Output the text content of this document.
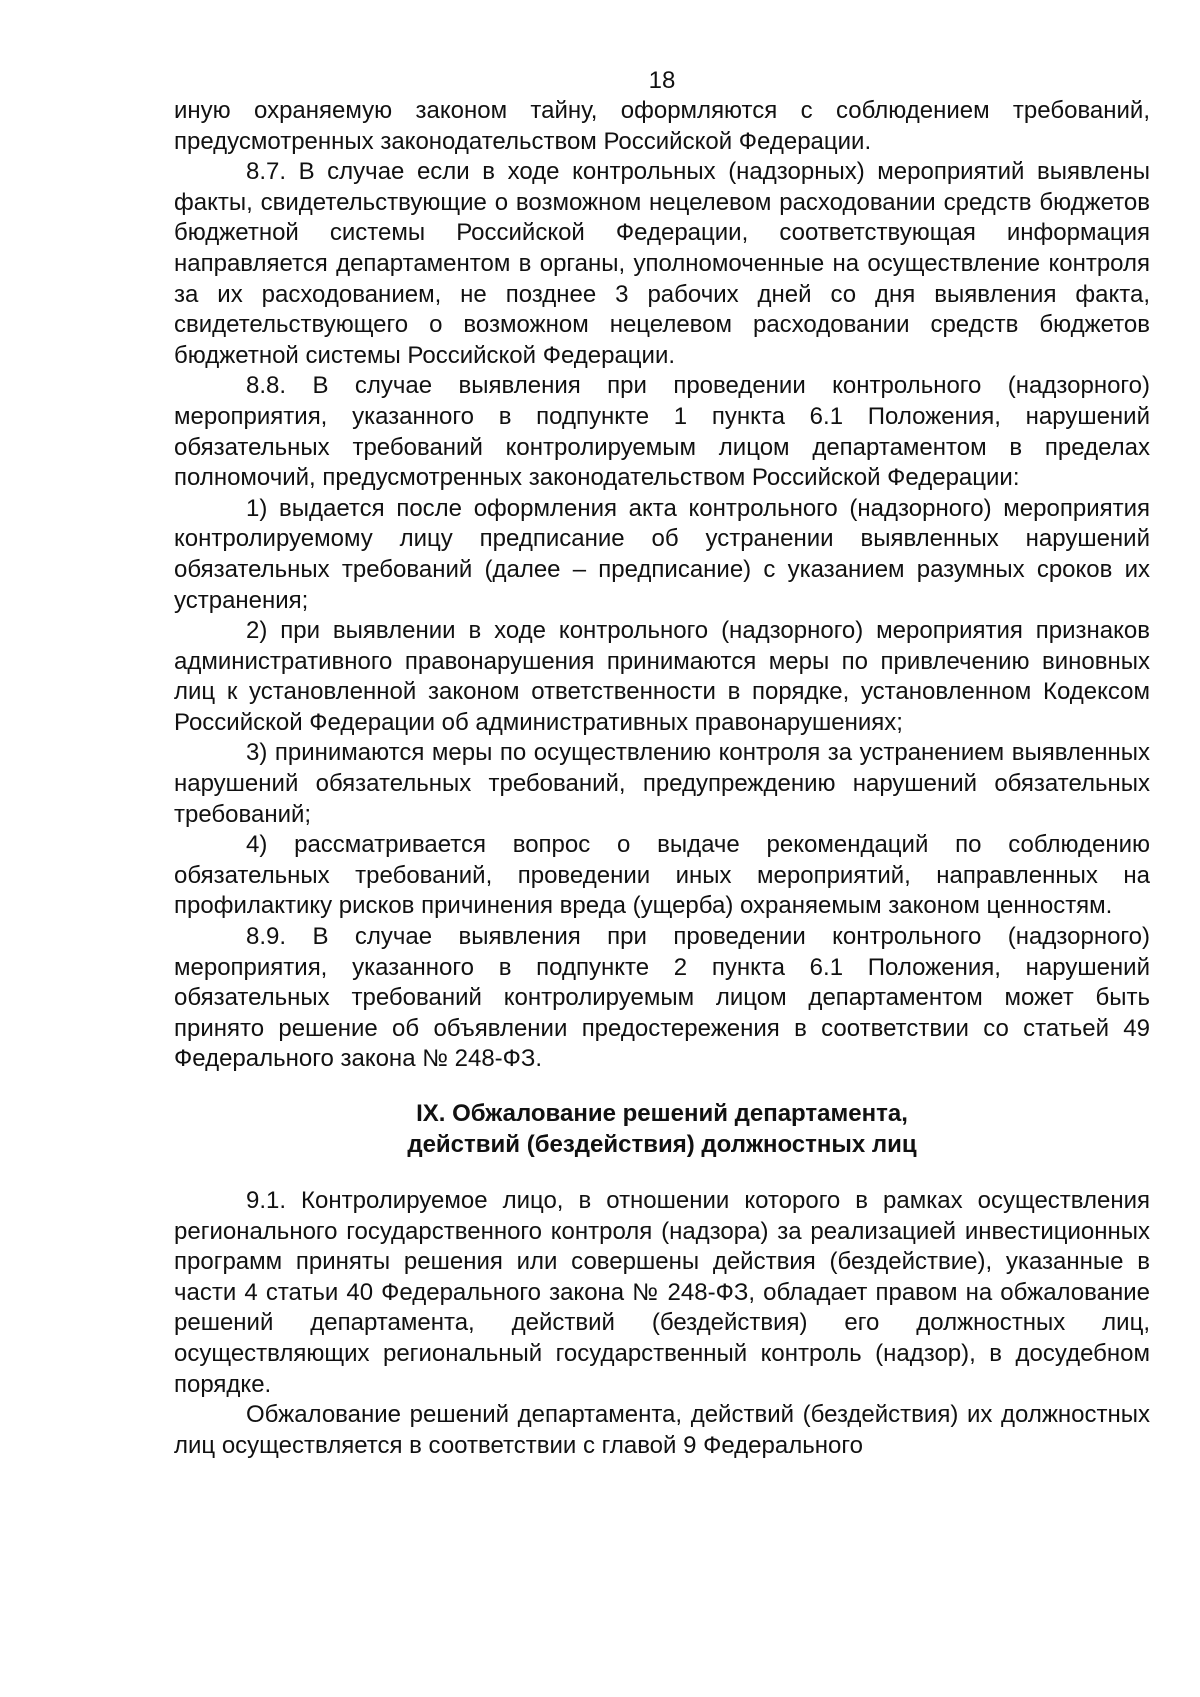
18

иную охраняемую законом тайну, оформляются с соблюдением требований, предусмотренных законодательством Российской Федерации.

8.7. В случае если в ходе контрольных (надзорных) мероприятий выявлены факты, свидетельствующие о возможном нецелевом расходовании средств бюджетов бюджетной системы Российской Федерации, соответствующая информация направляется департаментом в органы, уполномоченные на осуществление контроля за их расходованием, не позднее 3 рабочих дней со дня выявления факта, свидетельствующего о возможном нецелевом расходовании средств бюджетов бюджетной системы Российской Федерации.

8.8. В случае выявления при проведении контрольного (надзорного) мероприятия, указанного в подпункте 1 пункта 6.1 Положения, нарушений обязательных требований контролируемым лицом департаментом в пределах полномочий, предусмотренных законодательством Российской Федерации:

1) выдается после оформления акта контрольного (надзорного) мероприятия контролируемому лицу предписание об устранении выявленных нарушений обязательных требований (далее – предписание) с указанием разумных сроков их устранения;

2) при выявлении в ходе контрольного (надзорного) мероприятия признаков административного правонарушения принимаются меры по привлечению виновных лиц к установленной законом ответственности в порядке, установленном Кодексом Российской Федерации об административных правонарушениях;

3) принимаются меры по осуществлению контроля за устранением выявленных нарушений обязательных требований, предупреждению нарушений обязательных требований;

4) рассматривается вопрос о выдаче рекомендаций по соблюдению обязательных требований, проведении иных мероприятий, направленных на профилактику рисков причинения вреда (ущерба) охраняемым законом ценностям.

8.9. В случае выявления при проведении контрольного (надзорного) мероприятия, указанного в подпункте 2 пункта 6.1 Положения, нарушений обязательных требований контролируемым лицом департаментом может быть принято решение об объявлении предостережения в соответствии со статьей 49 Федерального закона № 248-ФЗ.

IX. Обжалование решений департамента,
действий (бездействия) должностных лиц

9.1. Контролируемое лицо, в отношении которого в рамках осуществления регионального государственного контроля (надзора) за реализацией инвестиционных программ приняты решения или совершены действия (бездействие), указанные в части 4 статьи 40 Федерального закона № 248-ФЗ, обладает правом на обжалование решений департамента, действий (бездействия) его должностных лиц, осуществляющих региональный государственный контроль (надзор), в досудебном порядке.

Обжалование решений департамента, действий (бездействия) их должностных лиц осуществляется в соответствии с главой 9 Федерального
